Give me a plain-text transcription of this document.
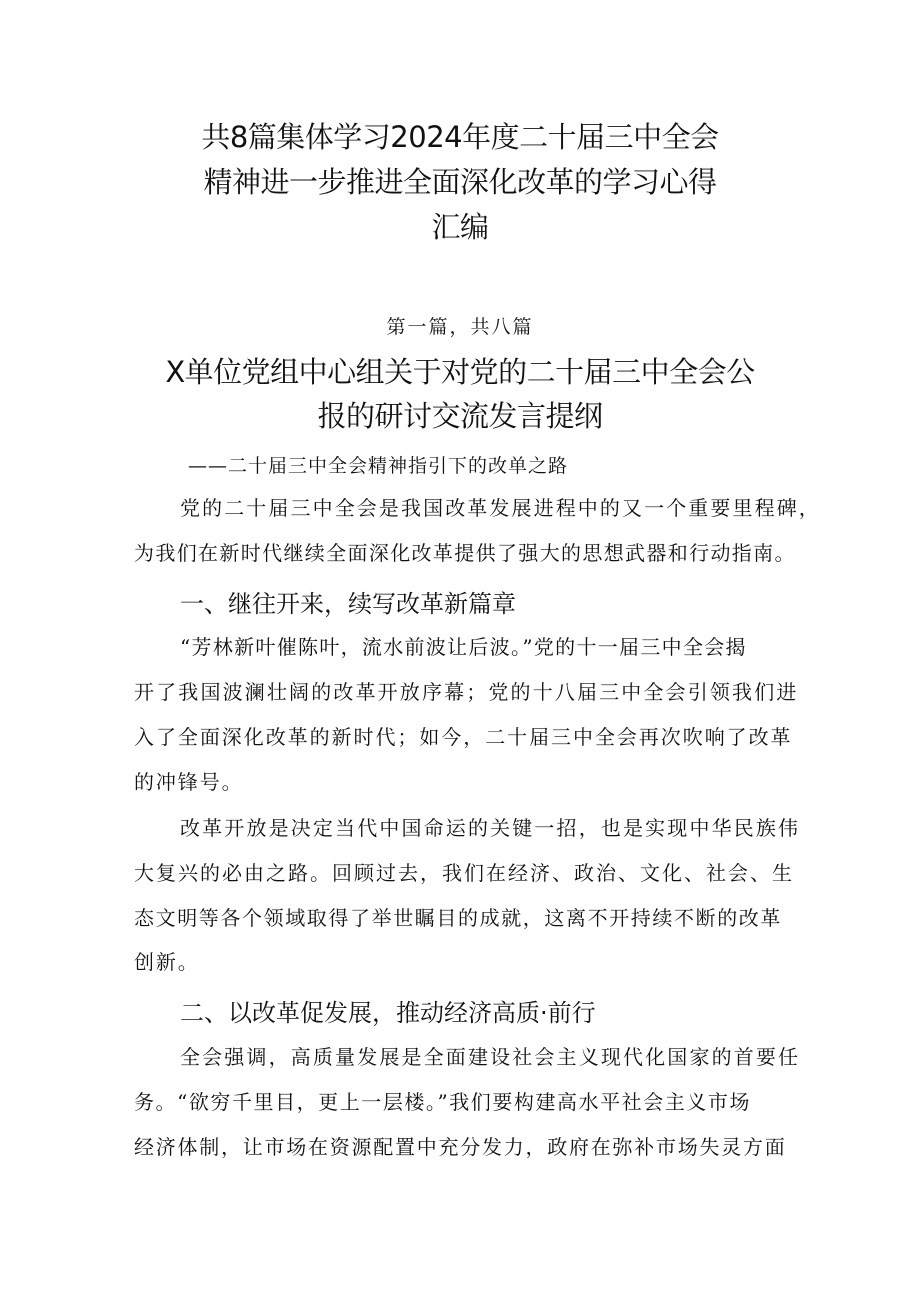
共8篇集体学习2024年度二十届三中全会
精神进一步推进全面深化改革的学习心得
汇编
第一篇，共八篇
X单位党组中心组关于对党的二十届三中全会公
报的研讨交流发言提纲
——二十届三中全会精神指引下的改单之路
党的二十届三中全会是我国改革发展进程中的又一个重要里程碑，
为我们在新时代继续全面深化改革提供了强大的思想武器和行动指南。
一、继往开来，续写改革新篇章
“芳林新叶催陈叶，流水前波让后波。”党的十一届三中全会揭
开了我国波澜壮阔的改革开放序幕；党的十八届三中全会引领我们进
入了全面深化改革的新时代；如今，二十届三中全会再次吹响了改革
的冲锋号。
改革开放是决定当代中国命运的关键一招，也是实现中华民族伟
大复兴的必由之路。回顾过去，我们在经济、政治、文化、社会、生
态文明等各个领域取得了举世瞩目的成就，这离不开持续不断的改革
创新。
二、以改革促发展，推动经济高质·前行
全会强调，高质量发展是全面建设社会主义现代化国家的首要任
务。“欲穷千里目，更上一层楼。”我们要构建高水平社会主义市场
经济体制，让市场在资源配置中充分发力，政府在弥补市场失灵方面
